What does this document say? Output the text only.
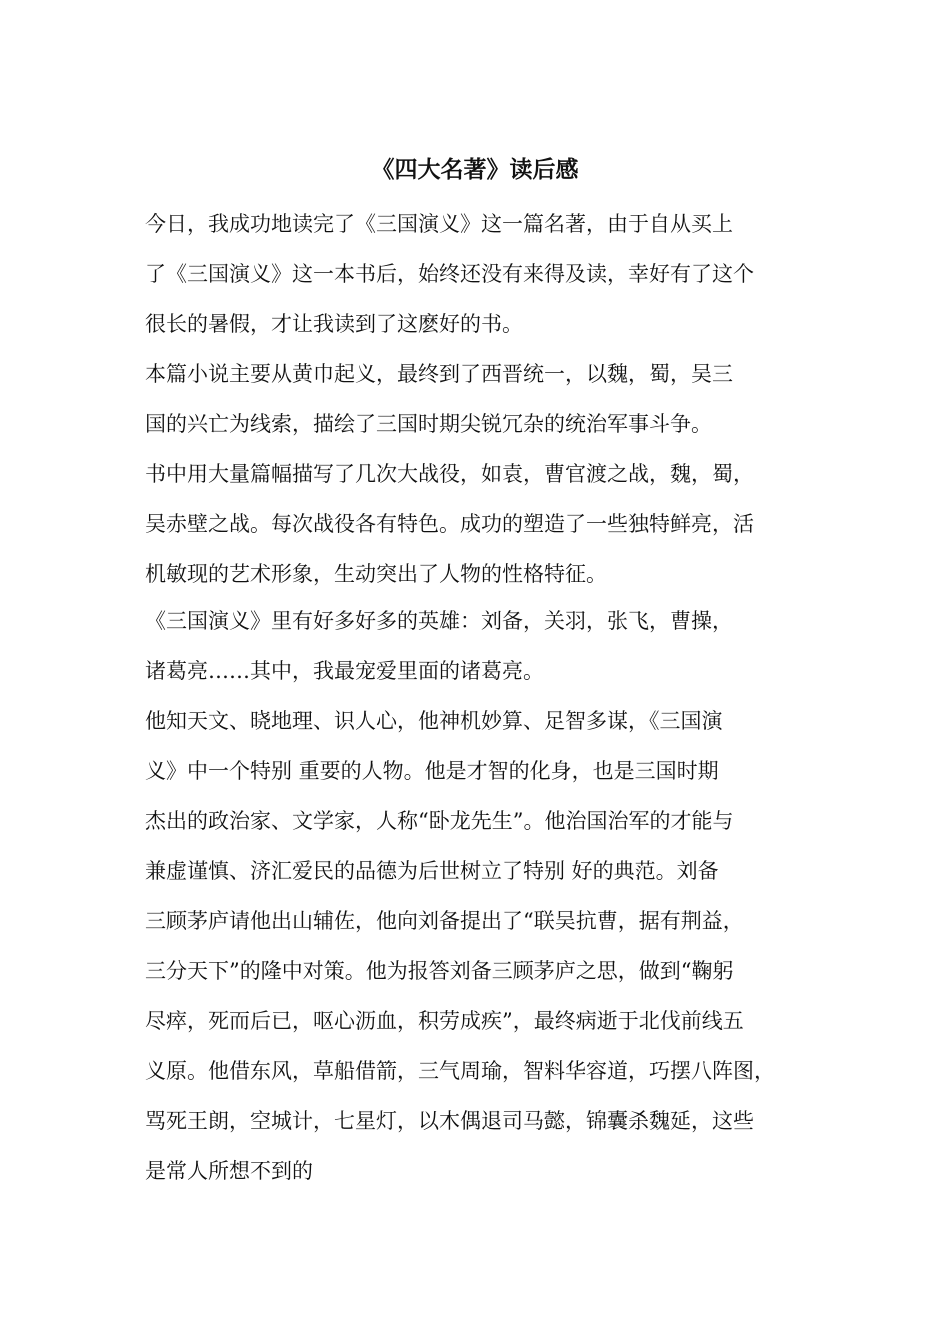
《四大名著》读后感
今日，我成功地读完了《三国演义》这一篇名著，由于自从买上
了《三国演义》这一本书后，始终还没有来得及读，幸好有了这个
很长的暑假，才让我读到了这麽好的书。
本篇小说主要从黄巾起义，最终到了西晋统一，以魏，蜀，吴三
国的兴亡为线索，描绘了三国时期尖锐冗杂的统治军事斗争。
书中用大量篇幅描写了几次大战役，如袁，曹官渡之战，魏，蜀，
吴赤壁之战。每次战役各有特色。成功的塑造了一些独特鲜亮，活
机敏现的艺术形象，生动突出了人物的性格特征。
《三国演义》里有好多好多的英雄：刘备，关羽，张飞，曹操，
诸葛亮……其中，我最宠爱里面的诸葛亮。
他知天文、晓地理、识人心，他神机妙算、足智多谋，《三国演
义》中一个特别 重要的人物。他是才智的化身，也是三国时期
杰出的政治家、文学家，人称“卧龙先生”。他治国治军的才能与
兼虚谨慎、济汇爱民的品德为后世树立了特别 好的典范。刘备
三顾茅庐请他出山辅佐，他向刘备提出了“联吴抗曹，据有荆益，
三分天下”的隆中对策。他为报答刘备三顾茅庐之思，做到“鞠躬
尽瘁，死而后已，呕心沥血，积劳成疾”，最终病逝于北伐前线五
义原。他借东风，草船借箭，三气周瑜，智料华容道，巧摆八阵图，
骂死王朗，空城计，七星灯，以木偶退司马懿，锦囊杀魏延，这些
是常人所想不到的
